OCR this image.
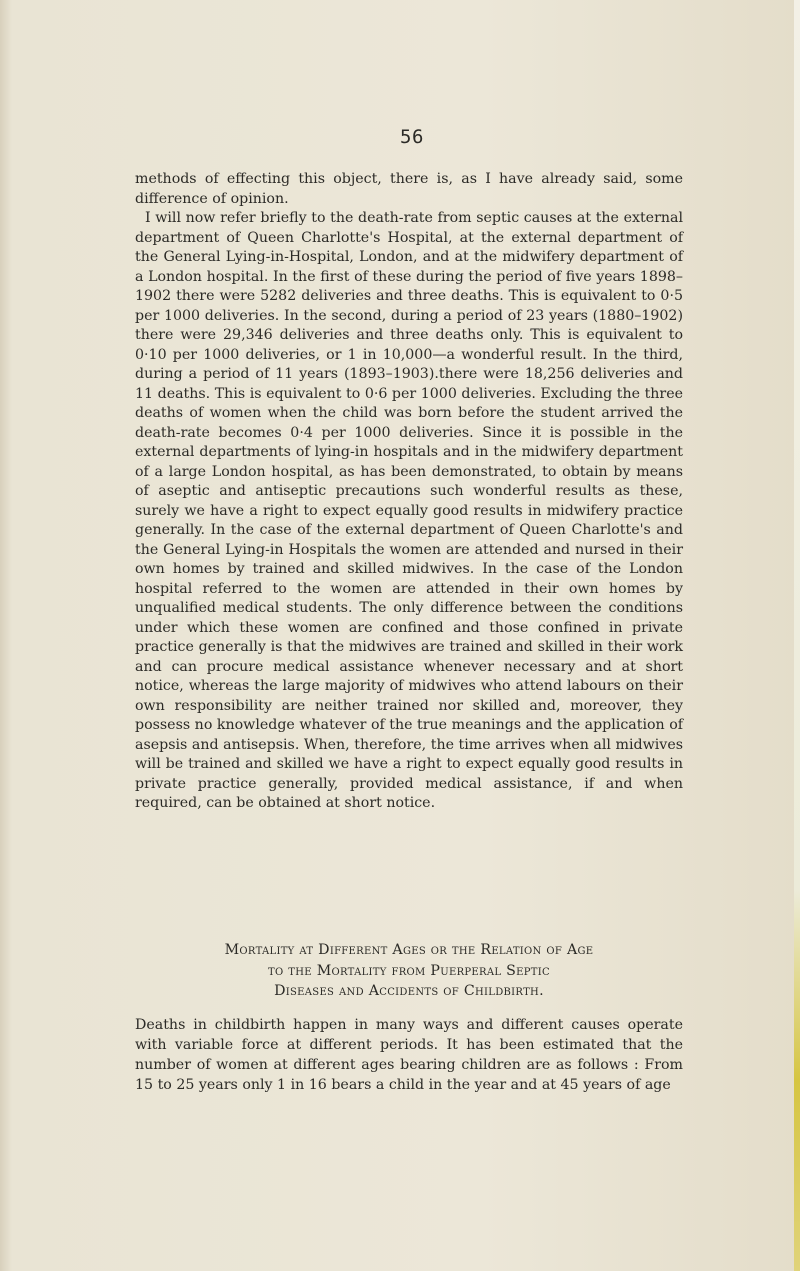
56

methods of effecting this object, there is, as I have already said, some difference of opinion.

I will now refer briefly to the death-rate from septic causes at the external department of Queen Charlotte's Hospital, at the external department of the General Lying-in-Hospital, London, and at the midwifery department of a London hospital. In the first of these during the period of five years 1898–1902 there were 5282 deliveries and three deaths. This is equivalent to 0·5 per 1000 deliveries. In the second, during a period of 23 years (1880–1902) there were 29,346 deliveries and three deaths only. This is equivalent to 0·10 per 1000 deliveries, or 1 in 10,000—a wonderful result. In the third, during a period of 11 years (1893–1903).there were 18,256 deliveries and 11 deaths. This is equivalent to 0·6 per 1000 deliveries. Excluding the three deaths of women when the child was born before the student arrived the death-rate becomes 0·4 per 1000 deliveries. Since it is possible in the external departments of lying-in hospitals and in the midwifery department of a large London hospital, as has been demonstrated, to obtain by means of aseptic and antiseptic precautions such wonderful results as these, surely we have a right to expect equally good results in midwifery practice generally. In the case of the external department of Queen Charlotte's and the General Lying-in Hospitals the women are attended and nursed in their own homes by trained and skilled midwives. In the case of the London hospital referred to the women are attended in their own homes by unqualified medical students. The only difference between the conditions under which these women are confined and those confined in private practice generally is that the midwives are trained and skilled in their work and can procure medical assistance whenever necessary and at short notice, whereas the large majority of midwives who attend labours on their own responsibility are neither trained nor skilled and, moreover, they possess no knowledge whatever of the true meanings and the application of asepsis and antisepsis. When, therefore, the time arrives when all midwives will be trained and skilled we have a right to expect equally good results in private practice generally, provided medical assistance, if and when required, can be obtained at short notice.

Mortality at Different Ages or the Relation of Age
to the Mortality from Puerperal Septic
Diseases and Accidents of Childbirth.

Deaths in childbirth happen in many ways and different causes operate with variable force at different periods. It has been estimated that the number of women at different ages bearing children are as follows : From 15 to 25 years only 1 in 16 bears a child in the year and at 45 years of age
